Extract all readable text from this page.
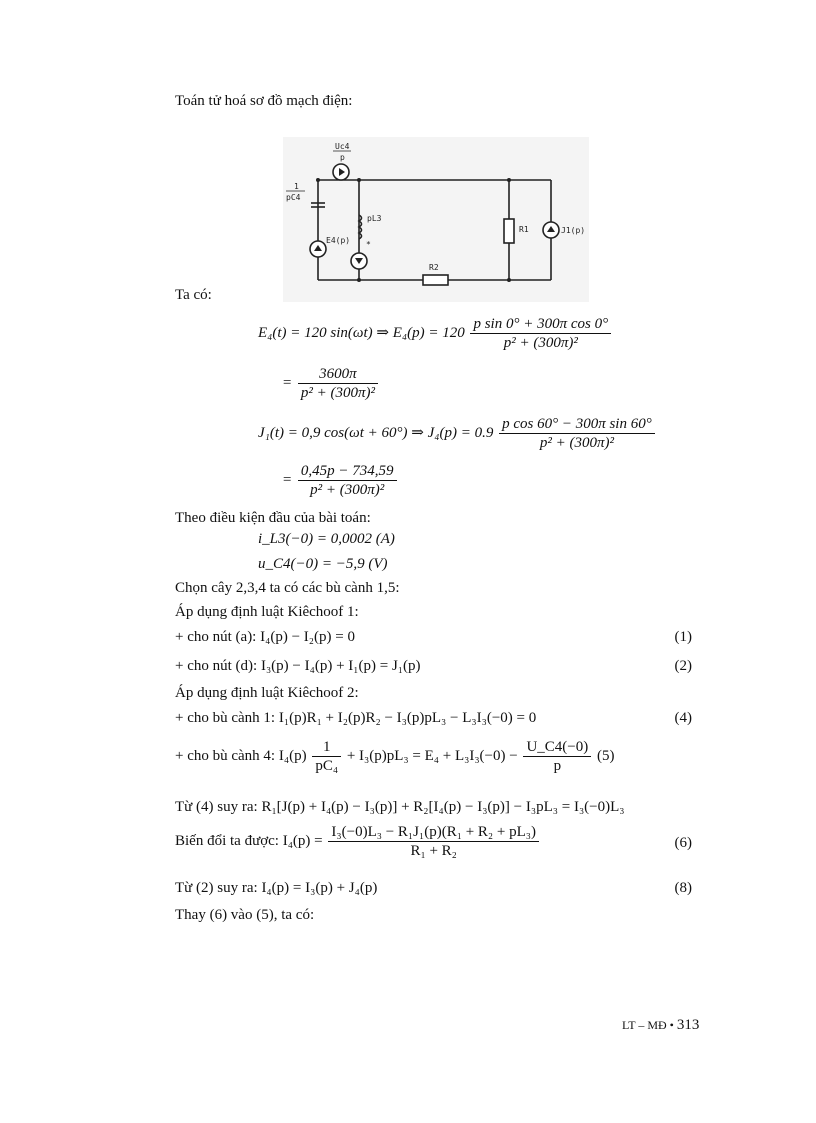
Toán tử hoá sơ đồ mạch điện:
Uc4
p
1
pC4
pL3
E4(p) *
R1	J1(p)
R2
Ta có:
E₄(t) = 120 sin(ωt) ⇒ $E_4(p) = 120 \frac{\text{p sin 0° + 300π cos 0°}}{\text{p² + (300π)²}}$
= $\frac{3600\pi}{\text{p² + (300π)²}}$
J₁(t) = 0,9 cos(ωt + 60°) ⇒ $J_4(p) = 0.9 \frac{\text{p cos 60° − 300π sin 60°}}{\text{p² + (300π)²}}$
= $\frac{0,45p - 734,59}{\text{p² + (300π)²}}$
Theo điều kiện đầu của bài toán:
i_L3(−0) = 0,0002 (A)
u_C4(−0) = −5,9 (V)
Chọn cây 2,3,4 ta có các bù cành 1,5:
Áp dụng định luật Kiêchoof 1:
+ cho nút (a): I₄(p) − I₂(p) = 0	(1)
+ cho nút (d): I₃(p) − I₄(p) + I₁(p) = J₁(p)	(2)
Áp dụng định luật Kiêchoof 2:
+ cho bù cành 1: I₁(p)R₁ + I₂(p)R₂ − I₃(p)pL₃ − L₃I₃(−0) = 0	(4)
+ cho bù cành 4: $I_4(p) \frac{1}{\text{pC₄}} + I_3(p)pL_3 = E_4 + L_3I_3(-0) - \frac{U\_C4(-0)}{p} (5)$
Từ (4) suy ra: R₁[J(p) + I₄(p) − I₃(p)] + R₂[I₄(p) − I₃(p)] − I₃pL₃ = I₃(−0)L₃
Biến đổi ta được: $I_4(p) = \frac{\text{I₃(−0)L₃ − R₁J₁(p)(R₁ + R₂ + pL₃)}}{\text{R₁ + R₂}}$	(6)
Từ (2) suy ra: I₄(p) = I₃(p) + J₄(p)	(8)
Thay (6) vào (5), ta có:
LT – MĐ • 313
